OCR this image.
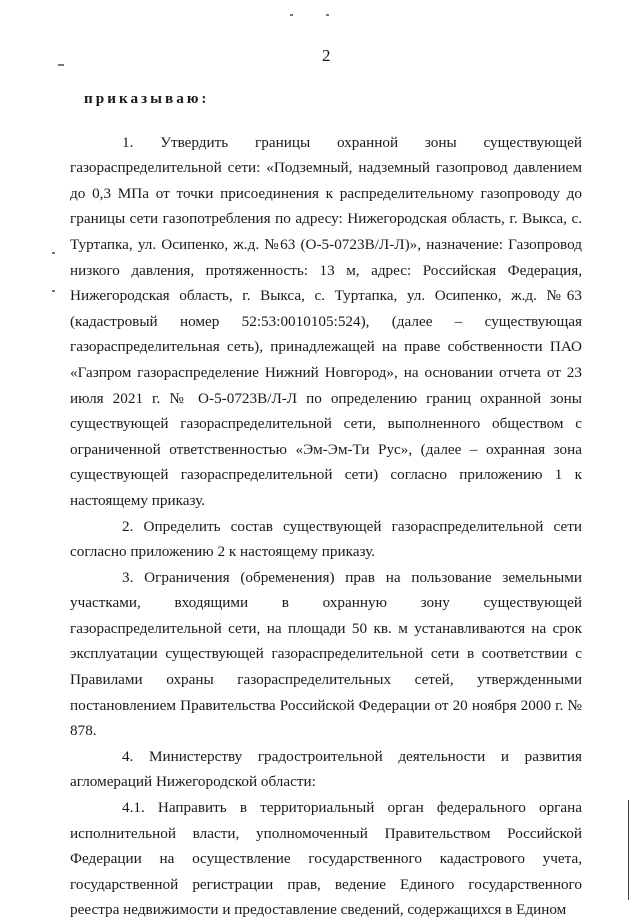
2

приказываю:

1. Утвердить границы охранной зоны существующей газораспределительной сети: «Подземный, надземный газопровод давлением до 0,3 МПа от точки присоединения к распределительному газопроводу до границы сети газопотребления по адресу: Нижегородская область, г. Выкса, с. Туртапка, ул. Осипенко, ж.д. №63 (О-5-0723В/Л-Л)», назначение: Газопровод низкого давления, протяженность: 13 м, адрес: Российская Федерация, Нижегородская область, г. Выкса, с. Туртапка, ул. Осипенко, ж.д. №63 (кадастровый номер 52:53:0010105:524), (далее – существующая газораспределительная сеть), принадлежащей на праве собственности ПАО «Газпром газораспределение Нижний Новгород», на основании отчета от 23 июля 2021 г. № О-5-0723В/Л-Л по определению границ охранной зоны существующей газораспределительной сети, выполненного обществом с ограниченной ответственностью «Эм-Эм-Ти Рус», (далее – охранная зона существующей газораспределительной сети) согласно приложению 1 к настоящему приказу.

2. Определить состав существующей газораспределительной сети согласно приложению 2 к настоящему приказу.

3. Ограничения (обременения) прав на пользование земельными участками, входящими в охранную зону существующей газораспределительной сети, на площади 50 кв. м устанавливаются на срок эксплуатации существующей газораспределительной сети в соответствии с Правилами охраны газораспределительных сетей, утвержденными постановлением Правительства Российской Федерации от 20 ноября 2000 г. № 878.

4. Министерству градостроительной деятельности и развития агломераций Нижегородской области:

4.1. Направить в территориальный орган федерального органа исполнительной власти, уполномоченный Правительством Российской Федерации на осуществление государственного кадастрового учета, государственной регистрации прав, ведение Единого государственного реестра недвижимости и предоставление сведений, содержащихся в Едином
